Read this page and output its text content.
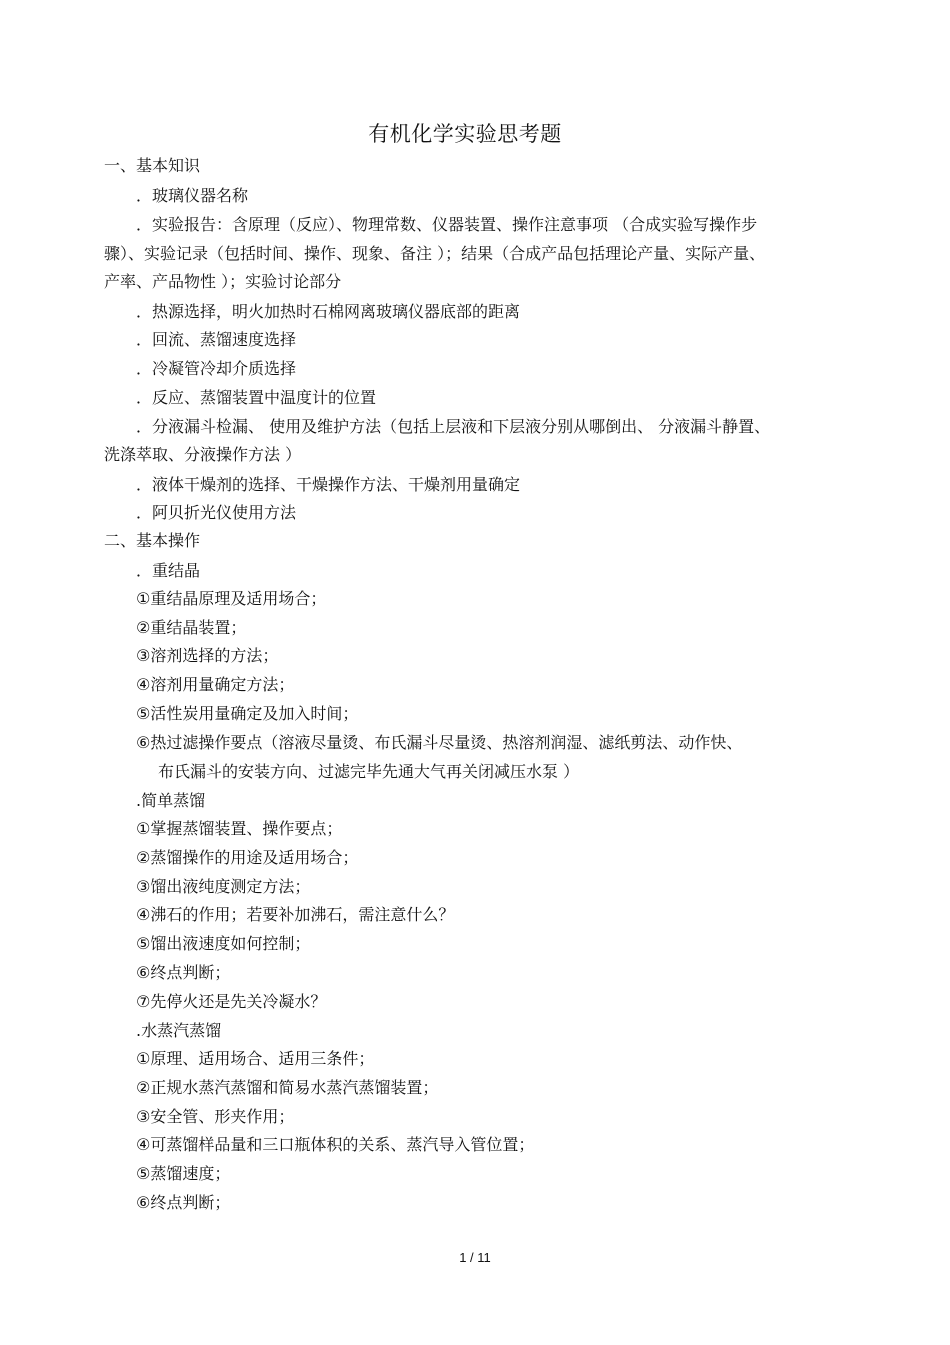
有机化学实验思考题
一、基本知识
．玻璃仪器名称
．实验报告：含原理（反应）、物理常数、仪器装置、操作注意事项 （合成实验写操作步
骤）、实验记录（包括时间、操作、现象、备注 ）；结果（合成产品包括理论产量、实际产量、
产率、产品物性 ）；实验讨论部分
．热源选择，明火加热时石棉网离玻璃仪器底部的距离
．回流、蒸馏速度选择
．冷凝管冷却介质选择
．反应、蒸馏装置中温度计的位置
．分液漏斗检漏、 使用及维护方法（包括上层液和下层液分别从哪倒出、 分液漏斗静置、
洗涤萃取、分液操作方法 ）
．液体干燥剂的选择、干燥操作方法、干燥剂用量确定
．阿贝折光仪使用方法
二、基本操作
．重结晶
①重结晶原理及适用场合；
②重结晶装置；
③溶剂选择的方法；
④溶剂用量确定方法；
⑤活性炭用量确定及加入时间；
⑥热过滤操作要点（溶液尽量烫、布氏漏斗尽量烫、热溶剂润湿、滤纸剪法、动作快、
布氏漏斗的安装方向、过滤完毕先通大气再关闭减压水泵 ）
.简单蒸馏
①掌握蒸馏装置、操作要点；
②蒸馏操作的用途及适用场合；
③馏出液纯度测定方法；
④沸石的作用；若要补加沸石，需注意什么？
⑤馏出液速度如何控制；
⑥终点判断；
⑦先停火还是先关冷凝水？
.水蒸汽蒸馏
①原理、适用场合、适用三条件；
②正规水蒸汽蒸馏和简易水蒸汽蒸馏装置；
③安全管、形夹作用；
④可蒸馏样品量和三口瓶体积的关系、蒸汽导入管位置；
⑤蒸馏速度；
⑥终点判断；
1 / 11
